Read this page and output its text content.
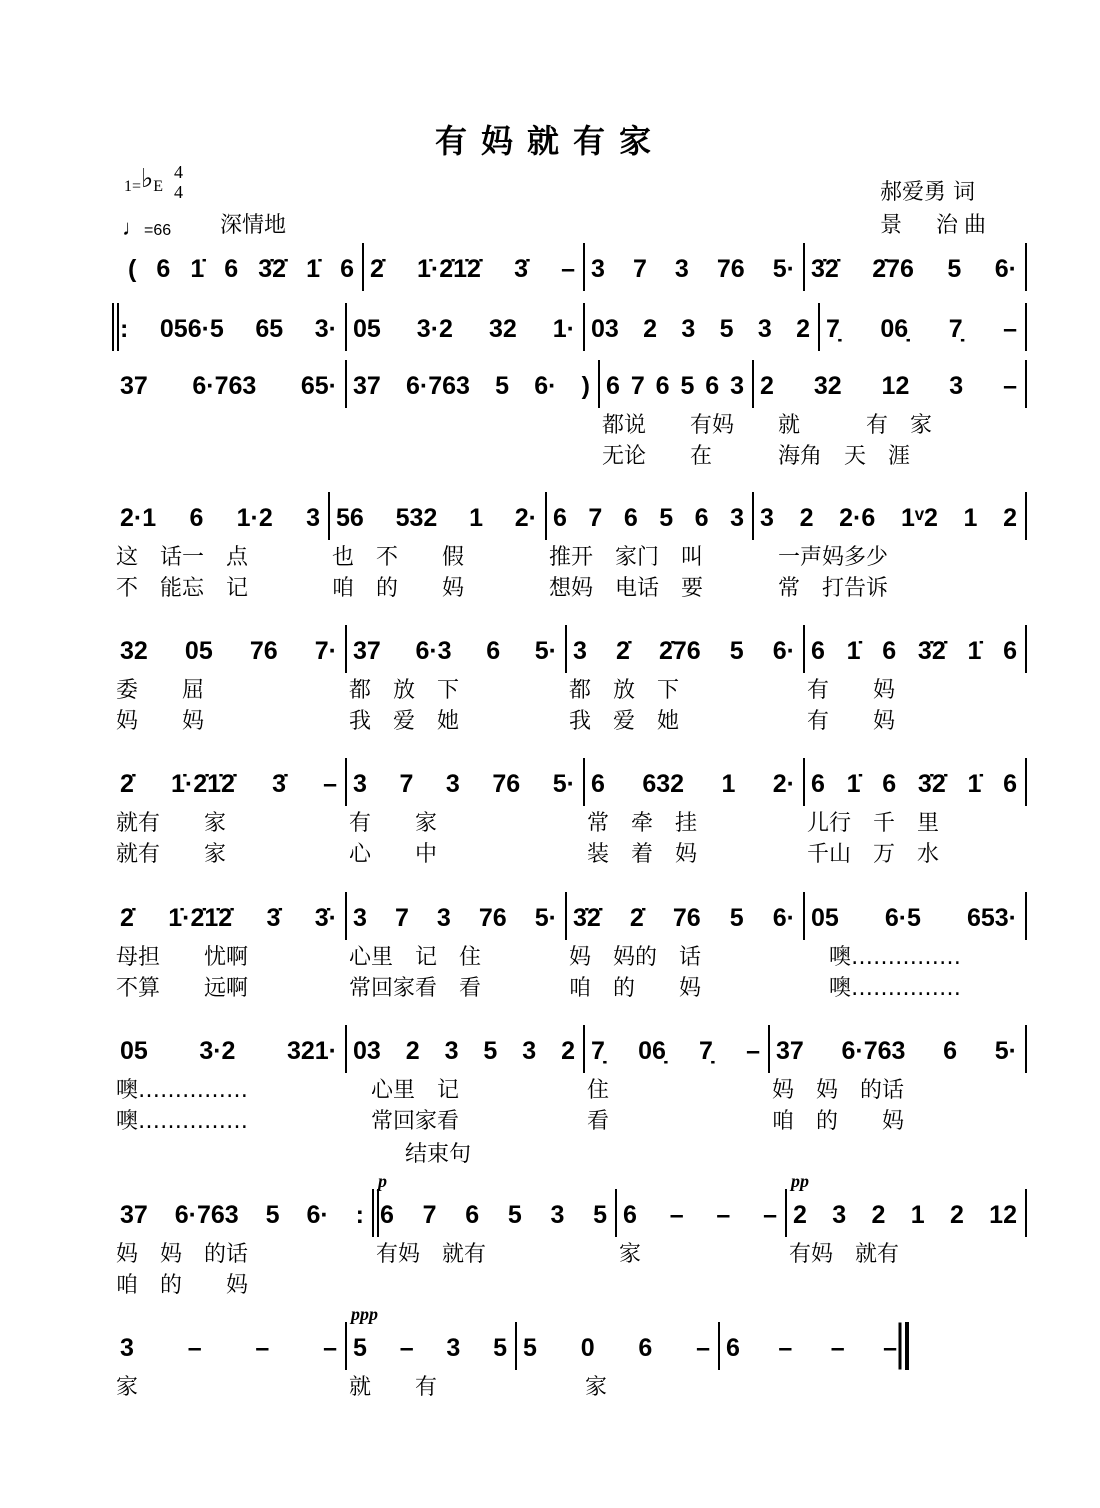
有妈就有家
1=♭E
4
4
♩=66 深情地
郝爱勇 词
景　治曲
( 6 1̇ 6 3̇2̇ 1̇ 6 2̇ 1̇·2̇1̇2̇ 3̇ – 3 7 3 76 5· 3̇2̇ 2̇76 5 6·
: 056·5 65 3· 05 3·2 32 1· 03 2 3 5 3 2 7̣ 06̣ 7̣ –
37 6·763 65· 37 6·763 5 6· ) 6 7 6 5 6 3
都说　　有妈
无论　　在
2 32 12 3 –
　就　　　有　家
　海角　天　涯
2·1 6 1·2 3
这　话一　点
不　能忘　记
56 532 1 2·
也　不　　假
咱　的　　妈
6 7 6 5 6 3
推开　家门　叫
想妈　电话　要
3 2 2·6 1ᵛ2 1 2
　一声妈多少
　常　打告诉
32 05 76 7·
委　　屈
妈　　妈
37 6·3 6 5·
都　放　下
我　爱　她
3 2̇ 2̇76 5 6·
都　放　下
我　爱　她
6 1̇ 6 3̇2̇ 1̇ 6
有　　妈
有　　妈
2̇ 1̇·2̇1̇2̇ 3̇ –
就有　　家
就有　　家
3 7 3 76 5·
有　　家
心　　中
6 632 1 2·
常　牵　挂
装　着　妈
6 1̇ 6 3̇2̇ 1̇ 6
儿行　千　里
千山　万　水
2̇ 1̇·2̇1̇2̇ 3̇ 3̇·
母担　　忧啊
不算　　远啊
3 7 3 76 5·
心里　记　住
常回家看　看
3̇2̇ 2̇ 76 5 6·
妈　妈的　话
咱　的　　妈
05 6·5 653·
　噢……………
　噢……………
05 3·2 321·
噢……………
噢……………
03 2 3 5 3 2
　心里　记
　常回家看
7̣ 06̣ 7̣ –
住
看
37 6·763 6 5·
妈　妈　的话
咱　的　　妈
结束句
37 6·763 5 6· :
妈　妈　的话
咱　的　　妈
p
6 7 6 5 3 5
有妈　就有
6 – – –
家
pp
2 3 2 1 2 12
有妈　就有
3 – – –
家
ppp
5 – 3 5
就　　有
5 0 6 –
　　　家
6 – – –
